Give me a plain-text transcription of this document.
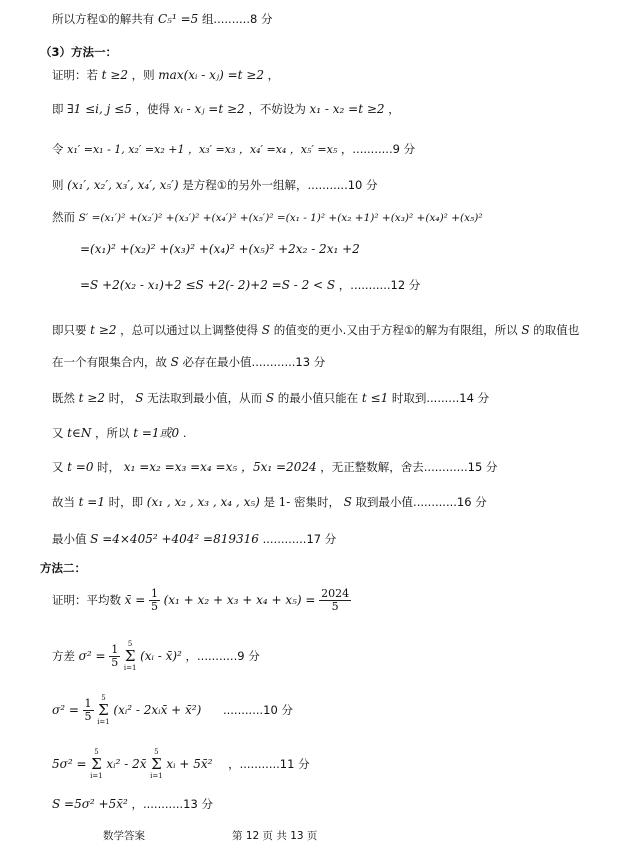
所以方程①的解共有 C₅¹ =5 组..........8 分
（3）方法一：
证明：若 t ≥2 ，则 max(xᵢ - xⱼ) =t ≥2 ，
即 ∃1 ≤i, j ≤5 ，使得 xᵢ - xⱼ =t ≥2 ，不妨设为 x₁ - x₂ =t ≥2 ，
令 x₁′ =x₁ - 1, x₂′ =x₂ +1 ，x₃′ =x₃ ，x₄′ =x₄ ，x₅′ =x₅ ，...........9 分
则 (x₁′, x₂′, x₃′, x₄′, x₅′) 是方程①的另外一组解，...........10 分
然而 S′ =(x₁′)² +(x₂′)² +(x₃′)² +(x₄′)² +(x₅′)² =(x₁ - 1)² +(x₂ +1)² +(x₃)² +(x₄)² +(x₅)²
=(x₁)² +(x₂)² +(x₃)² +(x₄)² +(x₅)² +2x₂ - 2x₁ +2
=S +2(x₂ - x₁)+2 ≤S +2(- 2)+2 =S - 2 < S ，...........12 分
即只要 t ≥2 ，总可以通过以上调整使得 S 的值变的更小.又由于方程①的解为有限组，所以 S 的取值也
在一个有限集合内，故 S 必存在最小值............13 分
既然 t ≥2 时， S 无法取到最小值，从而 S 的最小值只能在 t ≤1 时取到.........14 分
又 t∈N ，所以 t =1或0 .
又 t =0 时， x₁ =x₂ =x₃ =x₄ =x₅ ，5x₁ =2024 ，无正整数解，舍去............15 分
故当 t =1 时，即 (x₁ , x₂ , x₃ , x₄ , x₅) 是 1- 密集时， S 取到最小值............16 分
最小值 S =4×405² +404² =819316 ............17 分
方法二：
证明：平均数 x̄ = $\frac{1}{5} (x_1 + x_2 + x_3 + x_4 + x_5) = \frac{2024}{5}$
方差 $\sigma^2 = \frac{1}{5}$
	5
Σ
i=1
(xᵢ - x̄)² ，...........9 分
$\sigma^2 = \frac{1}{5}$
	5
Σ
i=1
(xᵢ² - 2xᵢx̄ + x̄²) ...........10 分
5σ² =
5
Σ
i=1
xᵢ² - 2x̄
5
Σ
i=1
xᵢ + 5x̄² ，...........11 分
S =5σ² +5x̄² ，...........13 分
数学答案	第 12 页 共 13 页
